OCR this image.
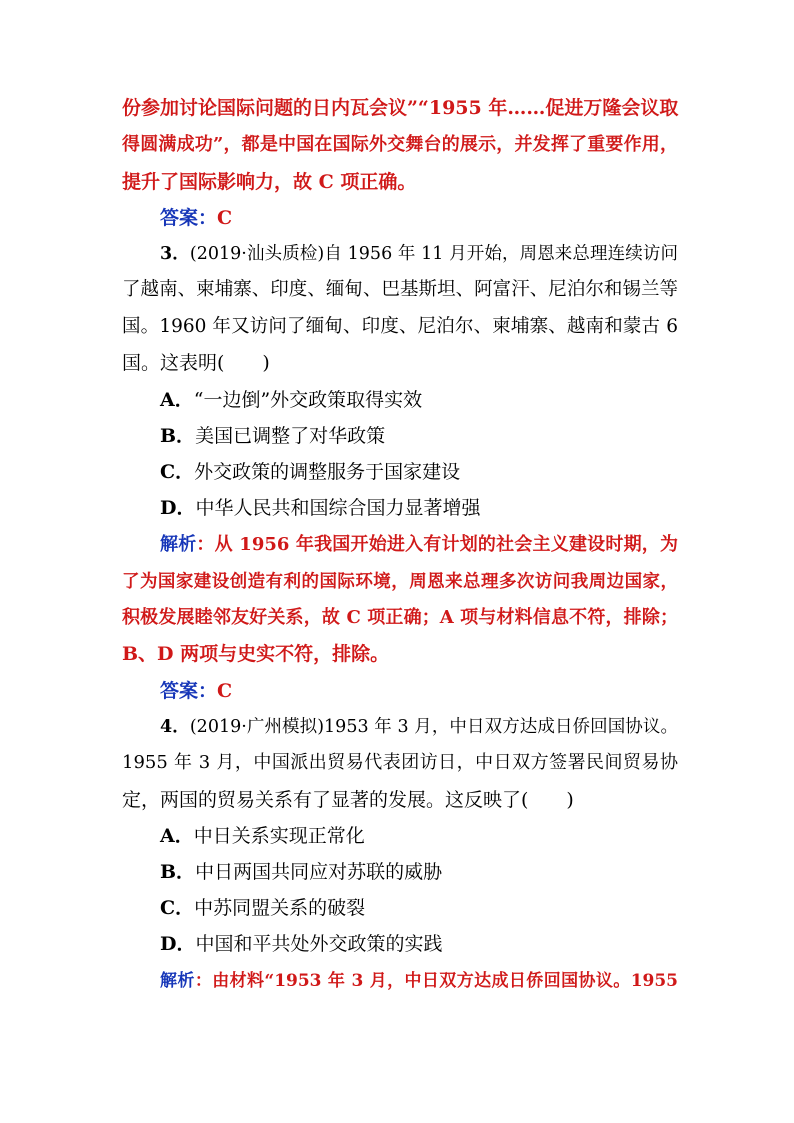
份参加讨论国际问题的日内瓦会议”“1955 年……促进万隆会议取
得圆满成功”，都是中国在国际外交舞台的展示，并发挥了重要作用，
提升了国际影响力，故 C 项正确。
答案：C
3．(2019·汕头质检)自 1956 年 11 月开始，周恩来总理连续访问
了越南、柬埔寨、印度、缅甸、巴基斯坦、阿富汗、尼泊尔和锡兰等
国。1960 年又访问了缅甸、印度、尼泊尔、柬埔寨、越南和蒙古 6
国。这表明(　　)
A．“一边倒”外交政策取得实效
B．美国已调整了对华政策
C．外交政策的调整服务于国家建设
D．中华人民共和国综合国力显著增强
解析：从 1956 年我国开始进入有计划的社会主义建设时期，为
了为国家建设创造有利的国际环境，周恩来总理多次访问我周边国家，
积极发展睦邻友好关系，故 C 项正确；A 项与材料信息不符，排除；
B、D 两项与史实不符，排除。
答案：C
4．(2019·广州模拟)1953 年 3 月，中日双方达成日侨回国协议。
1955 年 3 月，中国派出贸易代表团访日，中日双方签署民间贸易协
定，两国的贸易关系有了显著的发展。这反映了(　　)
A．中日关系实现正常化
B．中日两国共同应对苏联的威胁
C．中苏同盟关系的破裂
D．中国和平共处外交政策的实践
解析：由材料“1953 年 3 月，中日双方达成日侨回国协议。1955
